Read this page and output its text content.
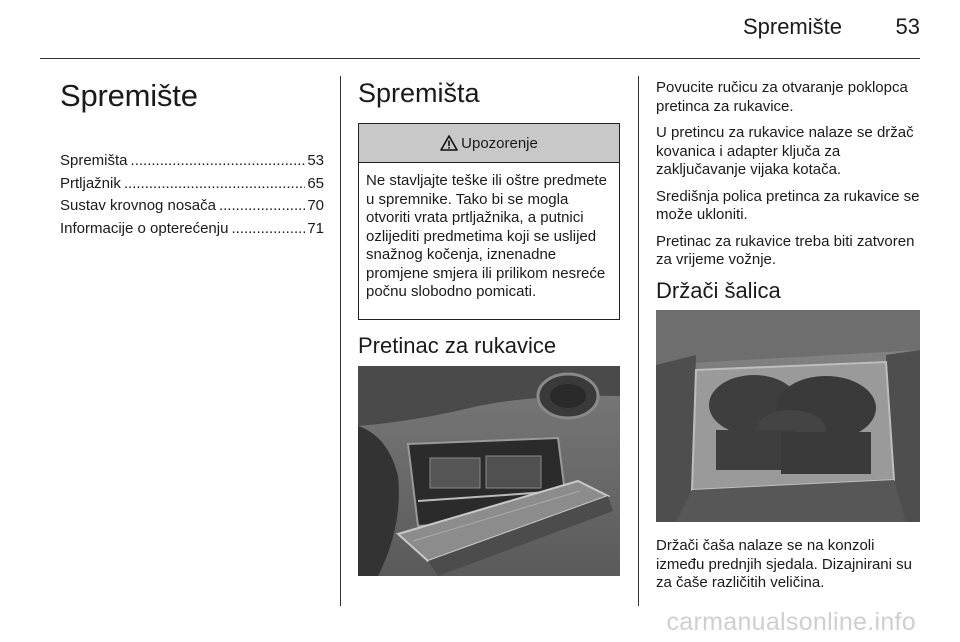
Spremište 53
Spremište
Spremišta .....	53
Prtljažnik .....	65
Sustav krovnog nosača .....	70
Informacije o opterećenju .....	71
Spremišta
Upozorenje
Ne stavljajte teške ili oštre predmete u spremnike. Tako bi se mogla otvoriti vrata prtljažnika, a putnici ozlijediti predmetima koji se uslijed snažnog kočenja, iznenadne promjene smjera ili prilikom nesreće počnu slobodno pomicati.
Pretinac za rukavice

Povucite ručicu za otvaranje poklopca pretinca za rukavice.

U pretincu za rukavice nalaze se držač kovanica i adapter ključa za zaključavanje vijaka kotača.

Središnja polica pretinca za rukavice se može ukloniti.

Pretinac za rukavice treba biti zatvoren za vrijeme vožnje.

Držači šalica
Držači čaša nalaze se na konzoli između prednjih sjedala. Dizajnirani su za čaše različitih veličina.
carmanualsonline.info
